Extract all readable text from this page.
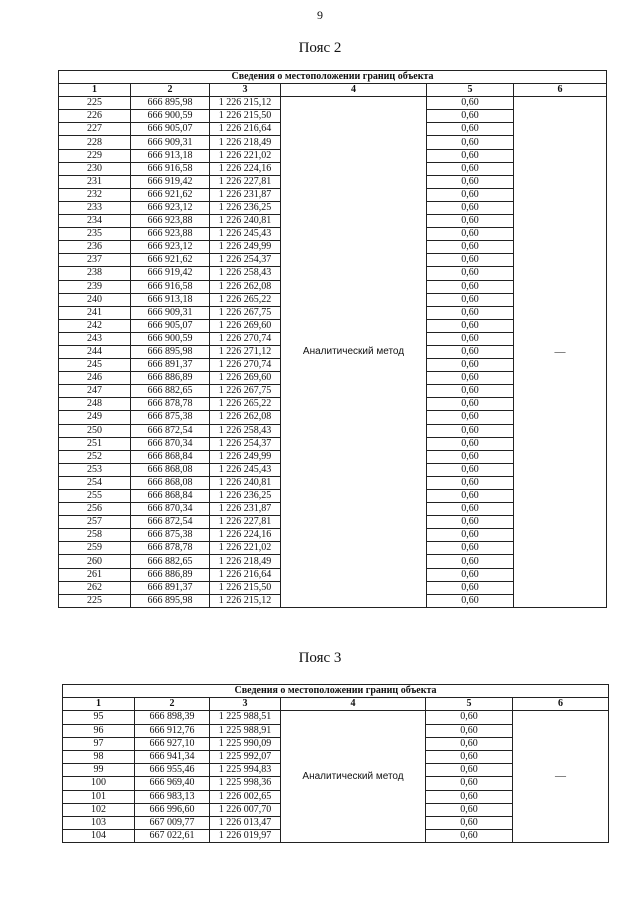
9
Пояс 2
Сведения о местоположении границ объекта					
1	2	3	4	5	6
225	666 895,98	1 226 215,12	Аналитический метод	0,60	—
226	666 900,59	1 226 215,50		0,60	
227	666 905,07	1 226 216,64		0,60	
228	666 909,31	1 226 218,49		0,60	
229	666 913,18	1 226 221,02		0,60	
230	666 916,58	1 226 224,16		0,60	
231	666 919,42	1 226 227,81		0,60	
232	666 921,62	1 226 231,87		0,60	
233	666 923,12	1 226 236,25		0,60	
234	666 923,88	1 226 240,81		0,60	
235	666 923,88	1 226 245,43		0,60	
236	666 923,12	1 226 249,99		0,60	
237	666 921,62	1 226 254,37		0,60	
238	666 919,42	1 226 258,43		0,60	
239	666 916,58	1 226 262,08		0,60	
240	666 913,18	1 226 265,22		0,60	
241	666 909,31	1 226 267,75		0,60	
242	666 905,07	1 226 269,60		0,60	
243	666 900,59	1 226 270,74		0,60	
244	666 895,98	1 226 271,12		0,60	
245	666 891,37	1 226 270,74		0,60	
246	666 886,89	1 226 269,60		0,60	
247	666 882,65	1 226 267,75		0,60	
248	666 878,78	1 226 265,22		0,60	
249	666 875,38	1 226 262,08		0,60	
250	666 872,54	1 226 258,43		0,60	
251	666 870,34	1 226 254,37		0,60	
252	666 868,84	1 226 249,99		0,60	
253	666 868,08	1 226 245,43		0,60	
254	666 868,08	1 226 240,81		0,60	
255	666 868,84	1 226 236,25		0,60	
256	666 870,34	1 226 231,87		0,60	
257	666 872,54	1 226 227,81		0,60	
258	666 875,38	1 226 224,16		0,60	
259	666 878,78	1 226 221,02		0,60	
260	666 882,65	1 226 218,49		0,60	
261	666 886,89	1 226 216,64		0,60	
262	666 891,37	1 226 215,50		0,60	
225	666 895,98	1 226 215,12		0,60	
Пояс 3
Сведения о местоположении границ объекта					
1	2	3	4	5	6
95	666 898,39	1 225 988,51	Аналитический метод	0,60	—
96	666 912,76	1 225 988,91		0,60	
97	666 927,10	1 225 990,09		0,60	
98	666 941,34	1 225 992,07		0,60	
99	666 955,46	1 225 994,83		0,60	
100	666 969,40	1 225 998,36		0,60	
101	666 983,13	1 226 002,65		0,60	
102	666 996,60	1 226 007,70		0,60	
103	667 009,77	1 226 013,47		0,60	
104	667 022,61	1 226 019,97		0,60	
